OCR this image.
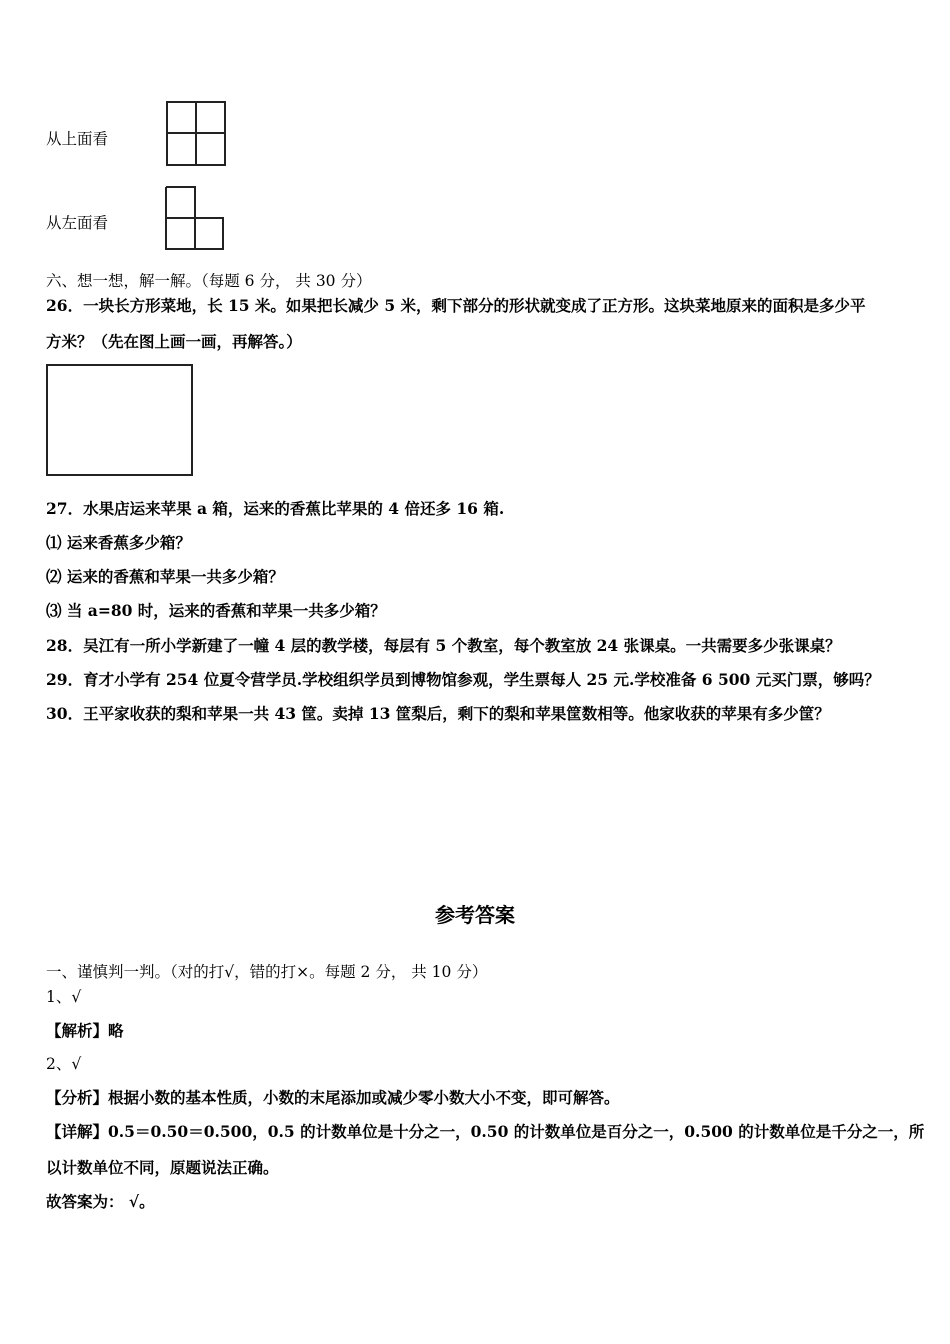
从上面看
从左面看
六、想一想，解一解。（每题 6 分， 共 30 分）
26．一块长方形菜地，长 15 米。如果把长减少 5 米，剩下部分的形状就变成了正方形。这块菜地原来的面积是多少平
方米？（先在图上画一画，再解答。）
27．水果店运来苹果 a 箱，运来的香蕉比苹果的 4 倍还多 16 箱.
⑴ 运来香蕉多少箱？
⑵ 运来的香蕉和苹果一共多少箱？
⑶ 当 a=80 时，运来的香蕉和苹果一共多少箱？
28．吴江有一所小学新建了一幢 4 层的教学楼，每层有 5 个教室，每个教室放 24 张课桌。一共需要多少张课桌？
29．育才小学有 254 位夏令营学员.学校组织学员到博物馆参观，学生票每人 25 元.学校准备 6 500 元买门票，够吗？
30．王平家收获的梨和苹果一共 43 筐。卖掉 13 筐梨后，剩下的梨和苹果筐数相等。他家收获的苹果有多少筐？
参考答案
一、谨慎判一判。（对的打√，错的打×。每题 2 分， 共 10 分）
1、√
【解析】略
2、√
【分析】根据小数的基本性质，小数的末尾添加或减少零小数大小不变，即可解答。
【详解】0.5＝0.50＝0.500，0.5 的计数单位是十分之一，0.50 的计数单位是百分之一，0.500 的计数单位是千分之一，所
以计数单位不同，原题说法正确。
故答案为： √。
